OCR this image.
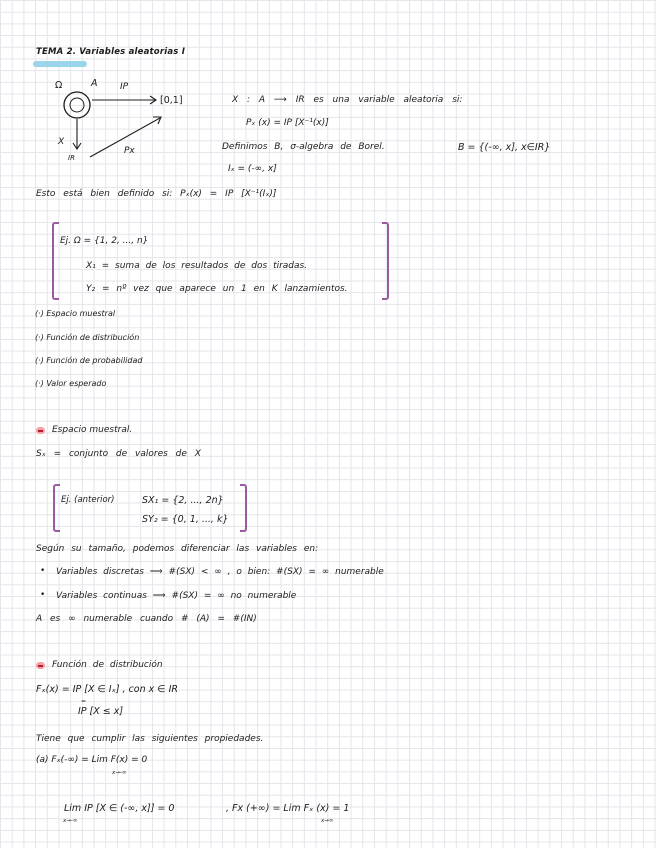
TEMA 2. Variables aleatorias I
Ω	A	IP
[0,1]
X
IR
Px
X : A ⟶ IR es una variable aleatoria si:
Pₓ (x) = IP [X⁻¹(x)]
Definimos B, σ-algebra de Borel.	B = {(-∞, x], x∈IR}
Iₓ = (-∞, x]
Esto está bien definido si: Pₓ(x) = IP [X⁻¹(Iₓ)]
Ej. Ω = {1, 2, ..., n}
X₁ = suma de los resultados de dos tiradas.
Y₂ = nº vez que aparece un 1 en K lanzamientos.
(·) Espacio muestral
(·) Función de distribución
(·) Función de probabilidad
(·) Valor esperado
Espacio muestral.
Sₓ = conjunto de valores de X
Ej. (anterior)	SX₁ = {2, ..., 2n}
SY₂ = {0, 1, ..., k}
Según su tamaño, podemos diferenciar las variables en:
• Variables discretas ⟹ #(SX) < ∞ , o bien: #(SX) = ∞ numerable
• Variables continuas ⟹ #(SX) = ∞ no numerable
A es ∞ numerable cuando # (A) = #(IN)
Función de distribución
Fₓ(x) = IP [X ∈ Iₓ] , con x ∈ IR
=
IP [X ≤ x]
Tiene que cumplir las siguientes propiedades.
(a) Fₓ(-∞) = Lim F(x) = 0
x→-∞
Lim IP [X ∈ (-∞, x]] = 0
x→-∞
, Fx (+∞) = Lim Fₓ (x) = 1
x→∞
